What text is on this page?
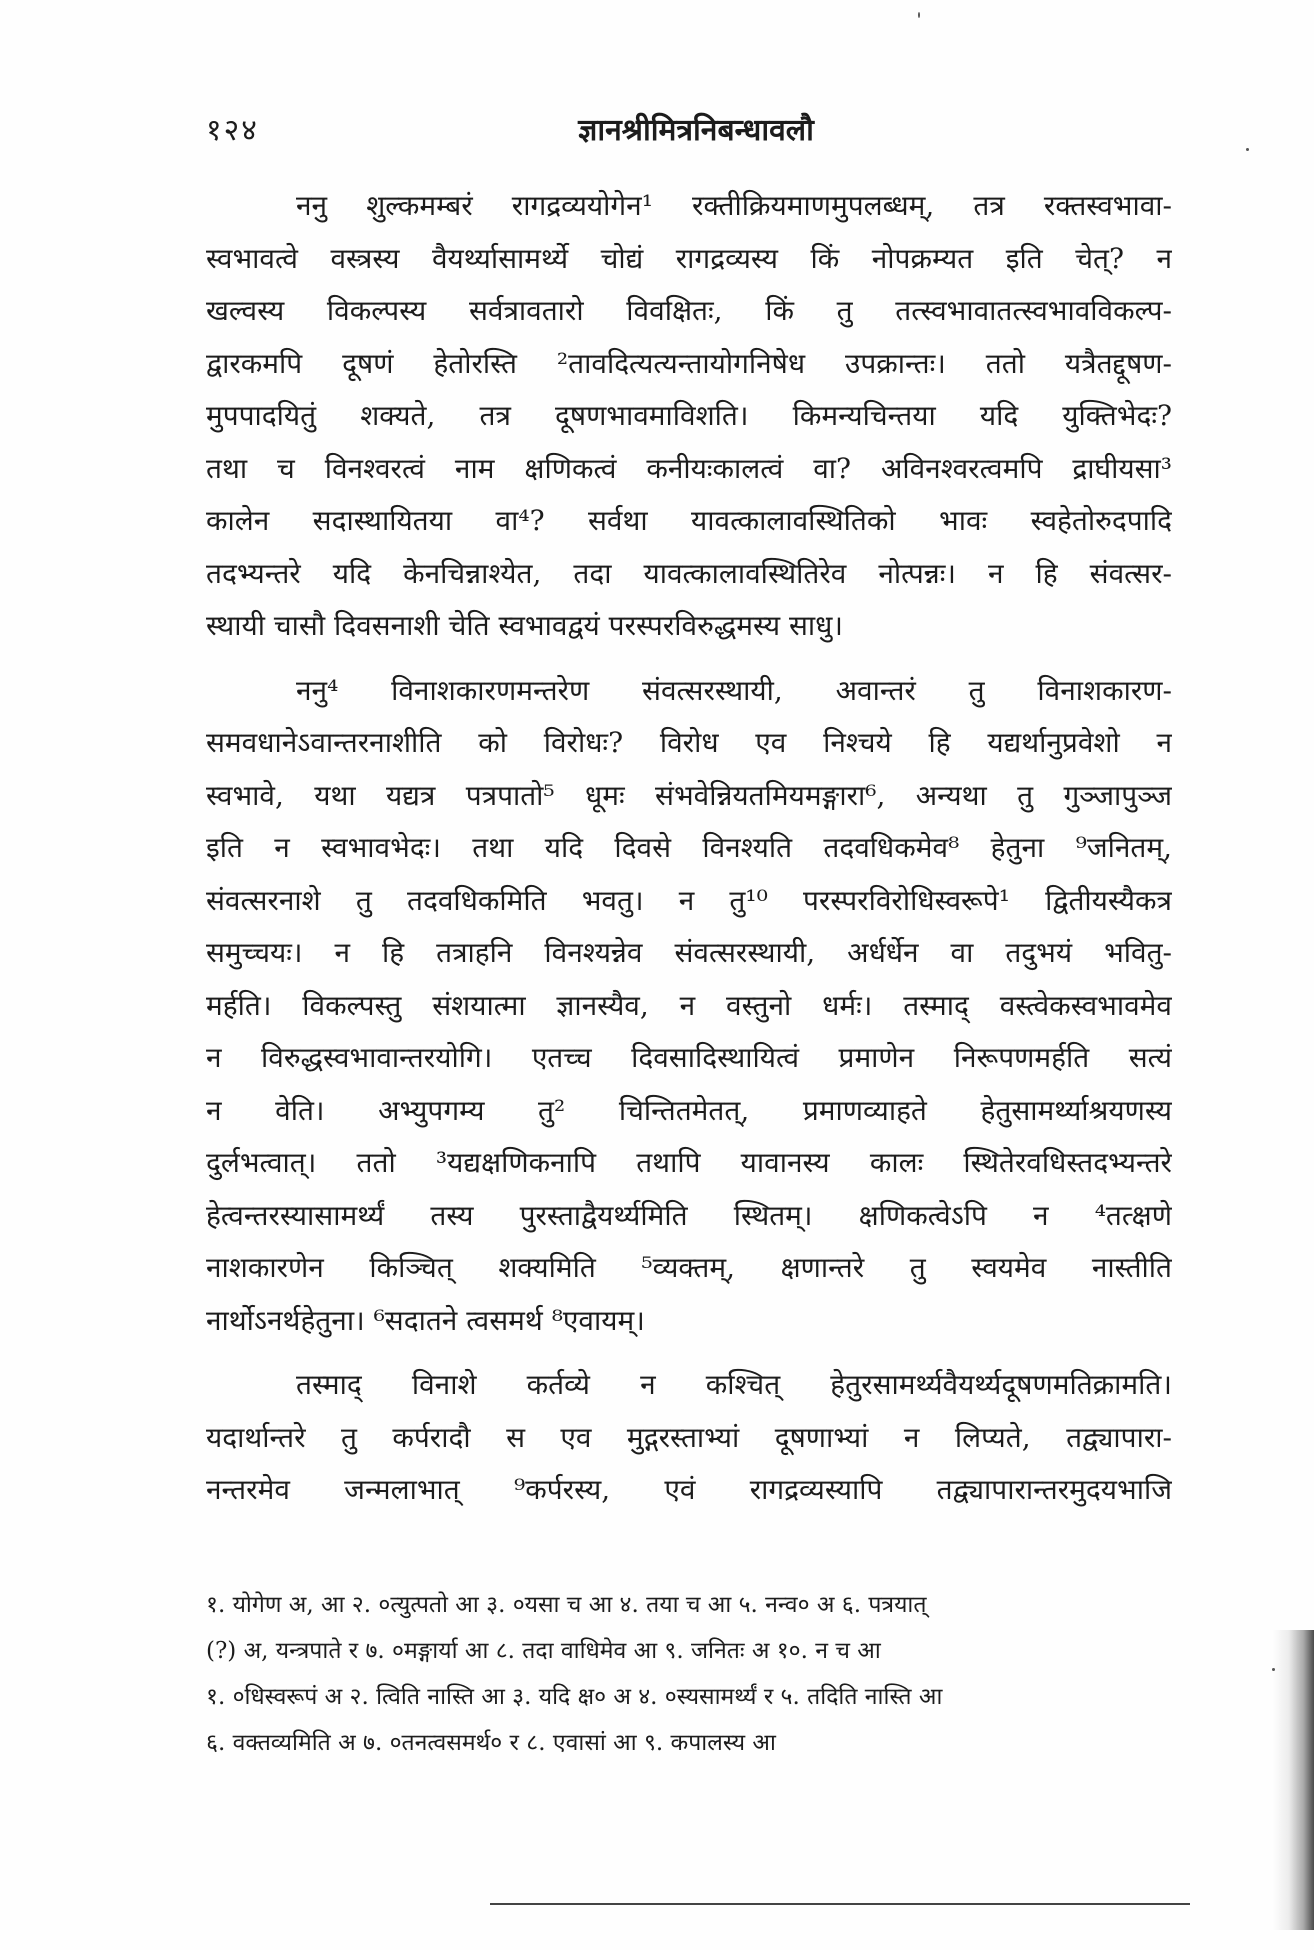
१२४	ज्ञानश्रीमित्रनिबन्धावलौ

ननु शुल्कमम्बरं रागद्रव्ययोगेन¹ रक्तीक्रियमाणमुपलब्धम्, तत्र रक्तस्वभावा-
स्वभावत्वे वस्त्रस्य वैयर्थ्यासामर्थ्ये चोद्यं रागद्रव्यस्य किं नोपक्रम्यत इति चेत्? न
खल्वस्य विकल्पस्य सर्वत्रावतारो विवक्षितः, किं तु तत्स्वभावातत्स्वभावविकल्प-
द्वारकमपि दूषणं हेतोरस्ति ²तावदित्यत्यन्तायोगनिषेध उपक्रान्तः। ततो यत्रैतद्दूषण-
मुपपादयितुं शक्यते, तत्र दूषणभावमाविशति। किमन्यचिन्तया यदि युक्तिभेदः?
तथा च विनश्वरत्वं नाम क्षणिकत्वं कनीयःकालत्वं वा? अविनश्वरत्वमपि द्राघीयसा³
कालेन सदास्थायितया वा⁴? सर्वथा यावत्कालावस्थितिको भावः स्वहेतोरुदपादि
तदभ्यन्तरे यदि केनचिन्नाश्येत, तदा यावत्कालावस्थितिरेव नोत्पन्नः। न हि संवत्सर-
स्थायी चासौ दिवसनाशी चेति स्वभावद्वयं परस्परविरुद्धमस्य साधु।

ननु⁴ विनाशकारणमन्तरेण संवत्सरस्थायी, अवान्तरं तु विनाशकारण-
समवधानेऽवान्तरनाशीति को विरोधः? विरोध एव निश्चये हि यद्यर्थानुप्रवेशो न
स्वभावे, यथा यद्यत्र पत्रपातो⁵ धूमः संभवेन्नियतमियमङ्गारा⁶, अन्यथा तु गुञ्जापुञ्ज
इति न स्वभावभेदः। तथा यदि दिवसे विनश्यति तदवधिकमेव⁸ हेतुना ⁹जनितम्,
संवत्सरनाशे तु तदवधिकमिति भवतु। न तु¹⁰ परस्परविरोधिस्वरूपे¹ द्वितीयस्यैकत्र
समुच्चयः। न हि तत्राहनि विनश्यन्नेव संवत्सरस्थायी, अर्धर्धेन वा तदुभयं भवितु-
मर्हति। विकल्पस्तु संशयात्मा ज्ञानस्यैव, न वस्तुनो धर्मः। तस्माद् वस्त्वेकस्वभावमेव
न विरुद्धस्वभावान्तरयोगि। एतच्च दिवसादिस्थायित्वं प्रमाणेन निरूपणमर्हति सत्यं
न वेति। अभ्युपगम्य तु² चिन्तितमेतत्, प्रमाणव्याहते हेतुसामर्थ्याश्रयणस्य
दुर्लभत्वात्। ततो ³यद्यक्षणिकनापि तथापि यावानस्य कालः स्थितेरवधिस्तदभ्यन्तरे
हेत्वन्तरस्यासामर्थ्यं तस्य पुरस्ताद्वैयर्थ्यमिति स्थितम्। क्षणिकत्वेऽपि न ⁴तत्क्षणे
नाशकारणेन किञ्चित् शक्यमिति ⁵व्यक्तम्, क्षणान्तरे तु स्वयमेव नास्तीति
नार्थोऽनर्थहेतुना। ⁶सदातने त्वसमर्थ ⁸एवायम्।

तस्माद् विनाशे कर्तव्ये न कश्चित् हेतुरसामर्थ्यवैयर्थ्यदूषणमतिक्रामति।
यदार्थान्तरे तु कर्परादौ स एव मुद्गरस्ताभ्यां दूषणाभ्यां न लिप्यते, तद्व्यापारा-
नन्तरमेव जन्मलाभात् ⁹कर्परस्य, एवं रागद्रव्यस्यापि तद्व्यापारान्तरमुदयभाजि

१. योगेण अ, आ २. ०त्युत्पतो आ ३. ०यसा च आ ४. तया च आ ५. नन्व० अ ६. पत्रयात्
(?) अ, यन्त्रपाते र ७. ०मङ्गार्या आ ८. तदा वाधिमेव आ ९. जनितः अ १०. न च आ
१. ०धिस्वरूपं अ २. त्विति नास्ति आ ३. यदि क्ष० अ ४. ०स्यसामर्थ्यं र ५. तदिति नास्ति आ
६. वक्तव्यमिति अ ७. ०तनत्वसमर्थ० र ८. एवासां आ ९. कपालस्य आ
